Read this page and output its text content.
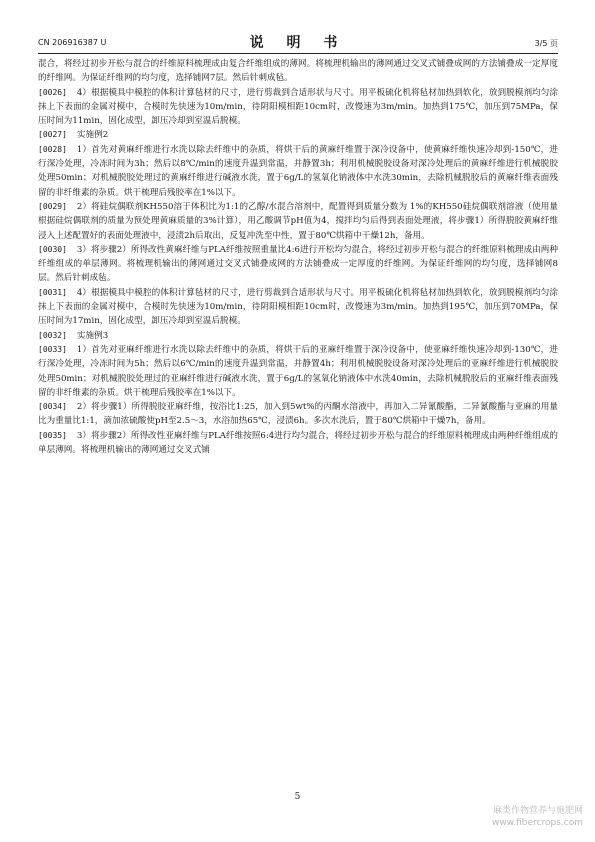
CN 206916387 U	说 明 书	3/5 页

混合，将经过初步开松与混合的纤维原料梳理成由复合纤维组成的薄网。将梳理机输出的薄网通过交叉式铺叠成网的方法铺叠成一定厚度的纤维网。为保证纤维网的均匀度，选择铺网7层。然后针刺成毡。

[0026] 4）根据模具中模腔的体积计算毡材的尺寸，进行剪裁到合适形状与尺寸。用平板硫化机将毡材加热到软化，放到脱模剂均匀涂抹上下表面的金属对模中，合模时先快速为10m/min，待阴阳模相距10cm时，改慢速为3m/min。加热到175℃，加压到75MPa，保压时间为11min，固化成型，卸压冷却到室温后脱模。

[0027] 实施例2

[0028] 1）首先对黄麻纤维进行水洗以除去纤维中的杂质，将烘干后的黄麻纤维置于深冷设备中，使黄麻纤维快速冷却到-150℃，进行深冷处理，冷冻时间为3h；然后以8℃/min的速度升温到常温，并静置3h；利用机械脱胶设备对深冷处理后的黄麻纤维进行机械脱胶处理50min；对机械脱胶处理过的黄麻纤维进行碱液水洗，置于6g/L的氢氧化钠液体中水洗30min，去除机械脱胶后的黄麻纤维表面残留的非纤维素的杂质。烘干梳理后残胶率在1%以下。

[0029] 2）将硅烷偶联剂KH550溶于体积比为1:1的乙醇/水混合溶剂中，配置得到质量分数为 1%的KH550硅烷偶联剂溶液（使用量根据硅烷偶联剂的质量为预处理黄麻质量的3%计算），用乙酸调节pH值为4，搅拌均匀后得到表面处理液，将步骤1）所得脱胶黄麻纤维浸入上述配置好的表面处理液中，浸渍2h后取出，反复冲洗至中性，置于80℃烘箱中干燥12h，备用。

[0030] 3）将步骤2）所得改性黄麻纤维与PLA纤维按照重量比4:6进行开松均匀混合，将经过初步开松与混合的纤维原料梳理成由两种纤维组成的单层薄网。将梳理机输出的薄网通过交叉式铺叠成网的方法铺叠成一定厚度的纤维网。为保证纤维网的均匀度，选择铺网8层。然后针刺成毡。

[0031] 4）根据模具中模腔的体积计算毡材的尺寸，进行剪裁到合适形状与尺寸。用平板硫化机将毡材加热到软化，放到脱模剂均匀涂抹上下表面的金属对模中，合模时先快速为10m/min，待阴阳模相距10cm时，改慢速为3m/min。加热到195℃，加压到70MPa，保压时间为17min，固化成型，卸压冷却到室温后脱模。

[0032] 实施例3

[0033] 1）首先对亚麻纤维进行水洗以除去纤维中的杂质，将烘干后的亚麻纤维置于深冷设备中，使亚麻纤维快速冷却到-130℃，进行深冷处理，冷冻时间为5h；然后以6℃/min的速度升温到常温，并静置4h；利用机械脱胶设备对深冷处理后的亚麻纤维进行机械脱胶处理50min；对机械脱胶处理过的亚麻纤维进行碱液水洗，置于6g/L的氢氧化钠液体中水洗40min，去除机械脱胶后的亚麻纤维表面残留的非纤维素的杂质。烘干梳理后残胶率在1%以下。

[0034] 2）将步骤1）所得脱胶亚麻纤维，按浴比1:25，加入到5wt%的丙酮水溶液中，再加入二异氰酸酯，二异氰酸酯与亚麻的用量比为重量比1:1，滴加浓硫酸使pH至2.5～3，水浴加热65℃，浸渍6h。多次水洗后，置于80℃烘箱中干燥7h，备用。

[0035] 3）将步骤2）所得改性亚麻纤维与PLA纤维按照6:4进行均匀混合，将经过初步开松与混合的纤维原料梳理成由两种纤维组成的单层薄网。将梳理机输出的薄网通过交叉式铺

5
麻类作物营养与施肥网
www.fibercrops.com
